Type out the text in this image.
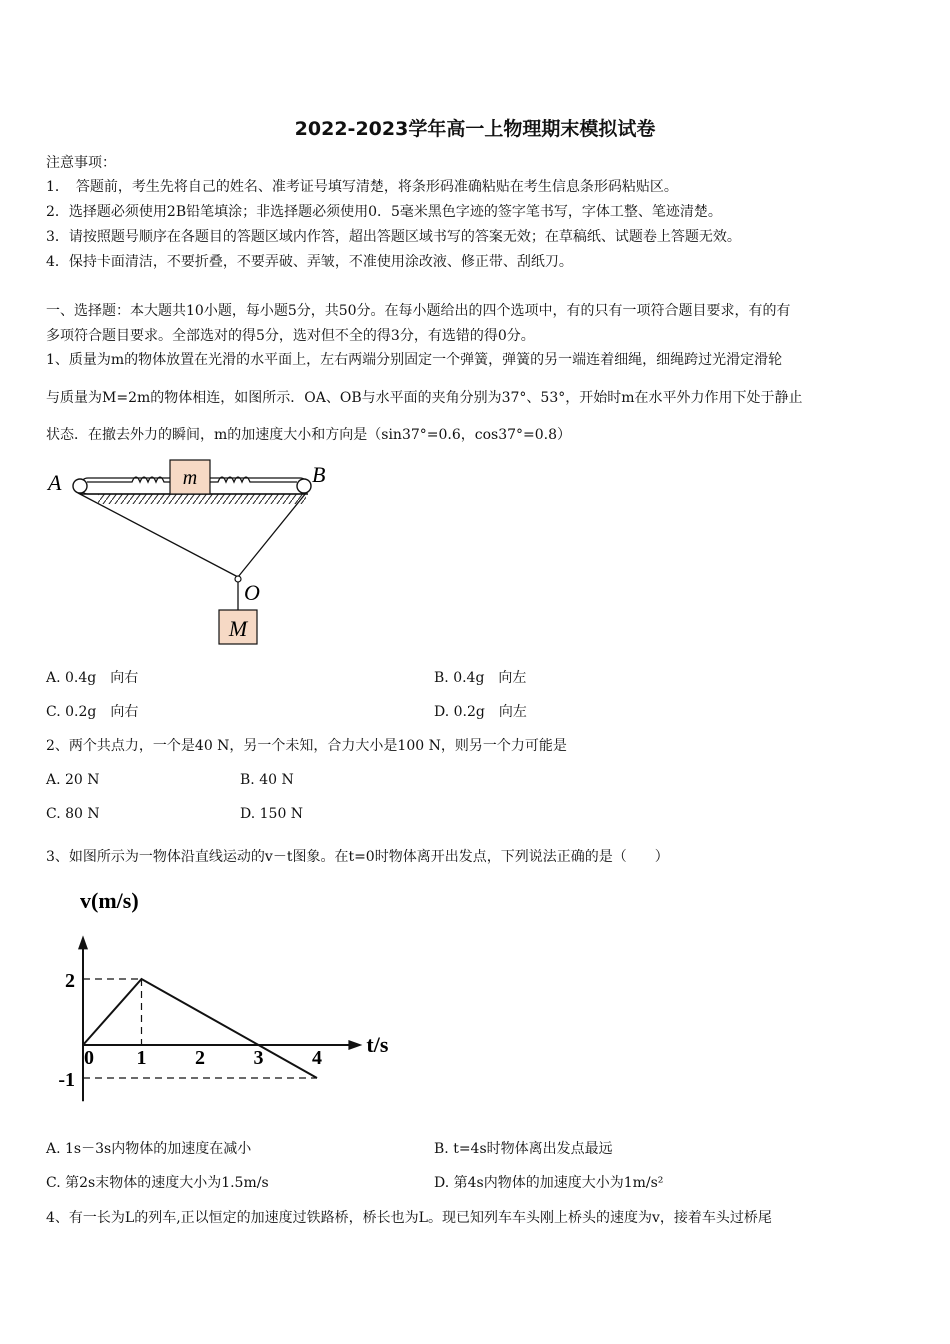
2022-2023学年高一上物理期末模拟试卷
注意事项：
1．　答题前，考生先将自己的姓名、准考证号填写清楚，将条形码准确粘贴在考生信息条形码粘贴区。
2．选择题必须使用2B铅笔填涂；非选择题必须使用0．5毫米黑色字迹的签字笔书写，字体工整、笔迹清楚。
3．请按照题号顺序在各题目的答题区域内作答，超出答题区域书写的答案无效；在草稿纸、试题卷上答题无效。
4．保持卡面清洁，不要折叠，不要弄破、弄皱，不准使用涂改液、修正带、刮纸刀。
一、选择题：本大题共10小题，每小题5分，共50分。在每小题给出的四个选项中，有的只有一项符合题目要求，有的有
多项符合题目要求。全部选对的得5分，选对但不全的得3分，有选错的得0分。
1、质量为m的物体放置在光滑的水平面上，左右两端分别固定一个弹簧，弹簧的另一端连着细绳，细绳跨过光滑定滑轮
与质量为M=2m的物体相连，如图所示．OA、OB与水平面的夹角分别为37°、53°，开始时m在水平外力作用下处于静止
状态．在撤去外力的瞬间，m的加速度大小和方向是（sin37°=0.6，cos37°=0.8）
m
A	B
O
M
A. 0.4g　向右	B. 0.4g　向左
C. 0.2g　向右	D. 0.2g　向左
2、两个共点力，一个是40 N，另一个未知，合力大小是100 N，则另一个力可能是
A. 20 N	B. 40 N
C. 80 N	D. 150 N
3、如图所示为一物体沿直线运动的v－t图象。在t=0时物体离开出发点，下列说法正确的是（　　）
v(m/s)
t/s
0 1 2 3 4
2
-1
A. 1s－3s内物体的加速度在减小	B. t=4s时物体离出发点最远
C. 第2s末物体的速度大小为1.5m/s	D. 第4s内物体的加速度大小为1m/s²
4、有一长为L的列车,正以恒定的加速度过铁路桥，桥长也为L。现已知列车车头刚上桥头的速度为v，接着车头过桥尾
